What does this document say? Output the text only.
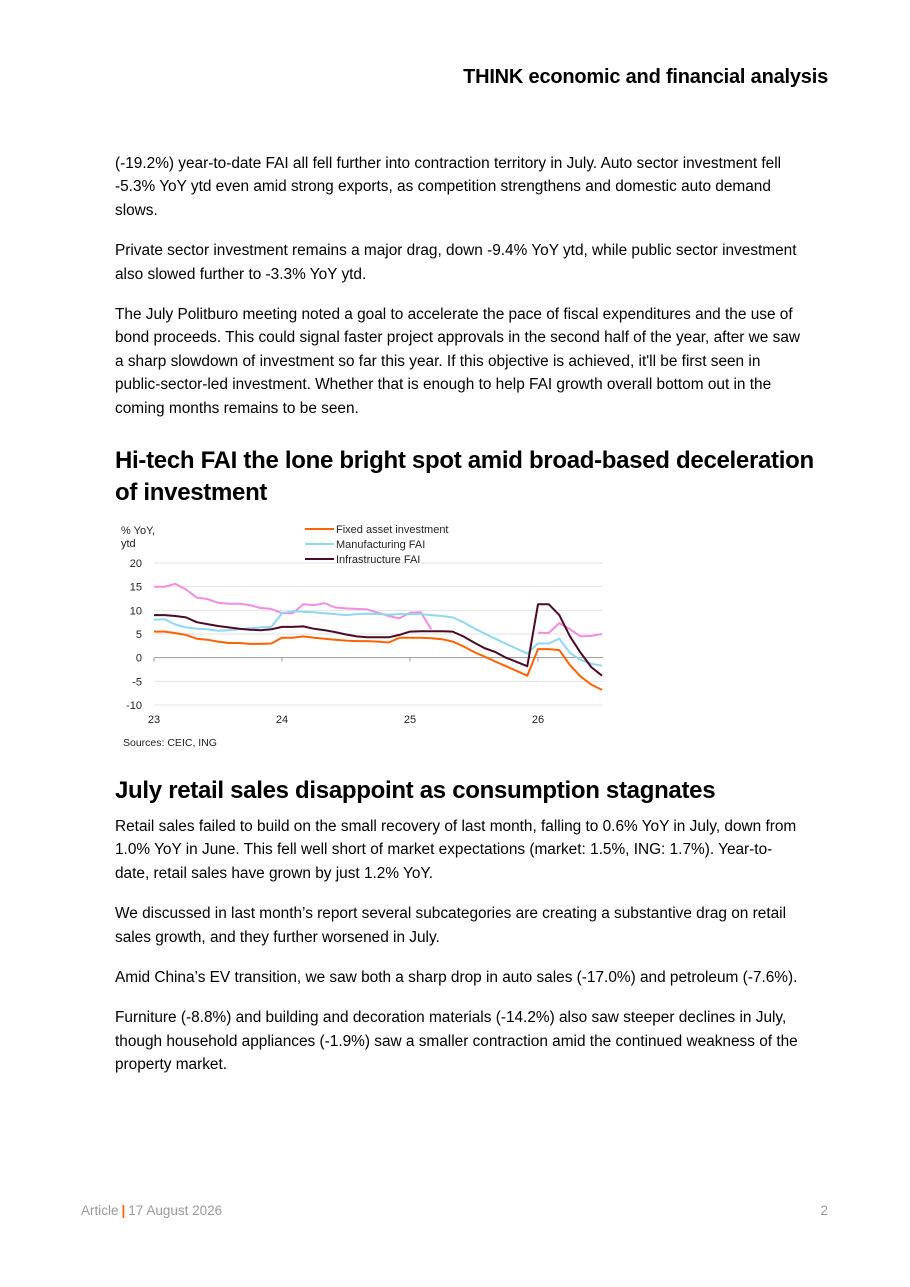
THINK economic and financial analysis

(-19.2%) year-to-date FAI all fell further into contraction territory in July. Auto sector investment fell -5.3% YoY ytd even amid strong exports, as competition strengthens and domestic auto demand slows.

Private sector investment remains a major drag, down -9.4% YoY ytd, while public sector investment also slowed further to -3.3% YoY ytd.

The July Politburo meeting noted a goal to accelerate the pace of fiscal expenditures and the use of bond proceeds. This could signal faster project approvals in the second half of the year, after we saw a sharp slowdown of investment so far this year. If this objective is achieved, it'll be first seen in public-sector-led investment. Whether that is enough to help FAI growth overall bottom out in the coming months remains to be seen.

Hi-tech FAI the lone bright spot amid broad-based deceleration of investment
% YoY,
ytd
20
15
10
5
0
-5
-10
23	24	25	26
Fixed asset investment
Manufacturing FAI
Infrastructure FAI
Sources: CEIC, ING
July retail sales disappoint as consumption stagnates

Retail sales failed to build on the small recovery of last month, falling to 0.6% YoY in July, down from 1.0% YoY in June. This fell well short of market expectations (market: 1.5%, ING: 1.7%). Year-to-date, retail sales have grown by just 1.2% YoY.

We discussed in last month’s report several subcategories are creating a substantive drag on retail sales growth, and they further worsened in July.

Amid China’s EV transition, we saw both a sharp drop in auto sales (-17.0%) and petroleum (-7.6%).

Furniture (-8.8%) and building and decoration materials (-14.2%) also saw steeper declines in July, though household appliances (-1.9%) saw a smaller contraction amid the continued weakness of the property market.

Article | 17 August 2026	2
